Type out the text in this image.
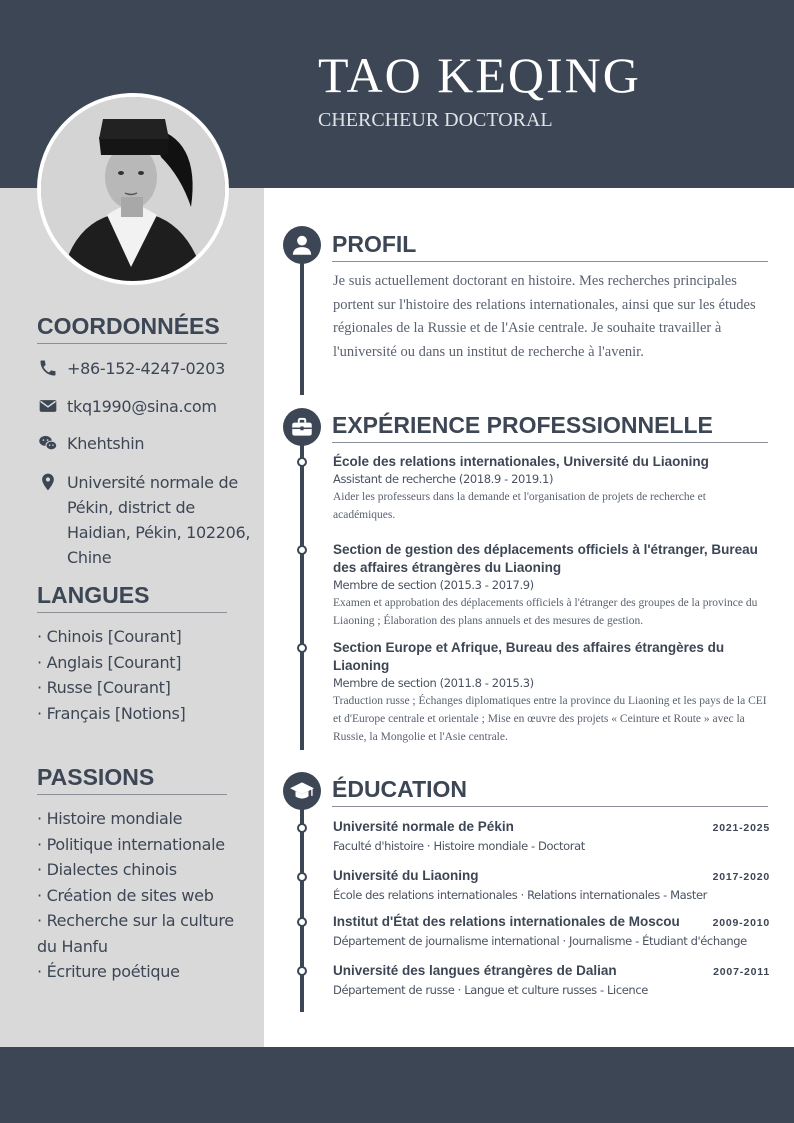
TAO KEQING
CHERCHEUR DOCTORAL
COORDONNÉES
+86-152-4247-0203
tkq1990@sina.com
Khehtshin
Université normale de Pékin, district de Haidian, Pékin, 102206, Chine
LANGUES
· Chinois [Courant]
· Anglais [Courant]
· Russe [Courant]
· Français [Notions]
PASSIONS
· Histoire mondiale
· Politique internationale
· Dialectes chinois
· Création de sites web
· Recherche sur la culture du Hanfu
· Écriture poétique
PROFIL
Je suis actuellement doctorant en histoire. Mes recherches principales portent sur l'histoire des relations internationales, ainsi que sur les études régionales de la Russie et de l'Asie centrale. Je souhaite travailler à l'université ou dans un institut de recherche à l'avenir.
EXPÉRIENCE PROFESSIONNELLE
École des relations internationales, Université du Liaoning
Assistant de recherche (2018.9 - 2019.1)
Aider les professeurs dans la demande et l'organisation de projets de recherche et académiques.
Section de gestion des déplacements officiels à l'étranger, Bureau des affaires étrangères du Liaoning
Membre de section (2015.3 - 2017.9)
Examen et approbation des déplacements officiels à l'étranger des groupes de la province du Liaoning ; Élaboration des plans annuels et des mesures de gestion.
Section Europe et Afrique, Bureau des affaires étrangères du Liaoning
Membre de section (2011.8 - 2015.3)
Traduction russe ; Échanges diplomatiques entre la province du Liaoning et les pays de la CEI et d'Europe centrale et orientale ; Mise en œuvre des projets « Ceinture et Route » avec la Russie, la Mongolie et l'Asie centrale.
ÉDUCATION
Université normale de Pékin	2021-2025
Faculté d'histoire · Histoire mondiale - Doctorat
Université du Liaoning	2017-2020
École des relations internationales · Relations internationales - Master
Institut d'État des relations internationales de Moscou	2009-2010
Département de journalisme international · Journalisme - Étudiant d'échange
Université des langues étrangères de Dalian	2007-2011
Département de russe · Langue et culture russes - Licence
